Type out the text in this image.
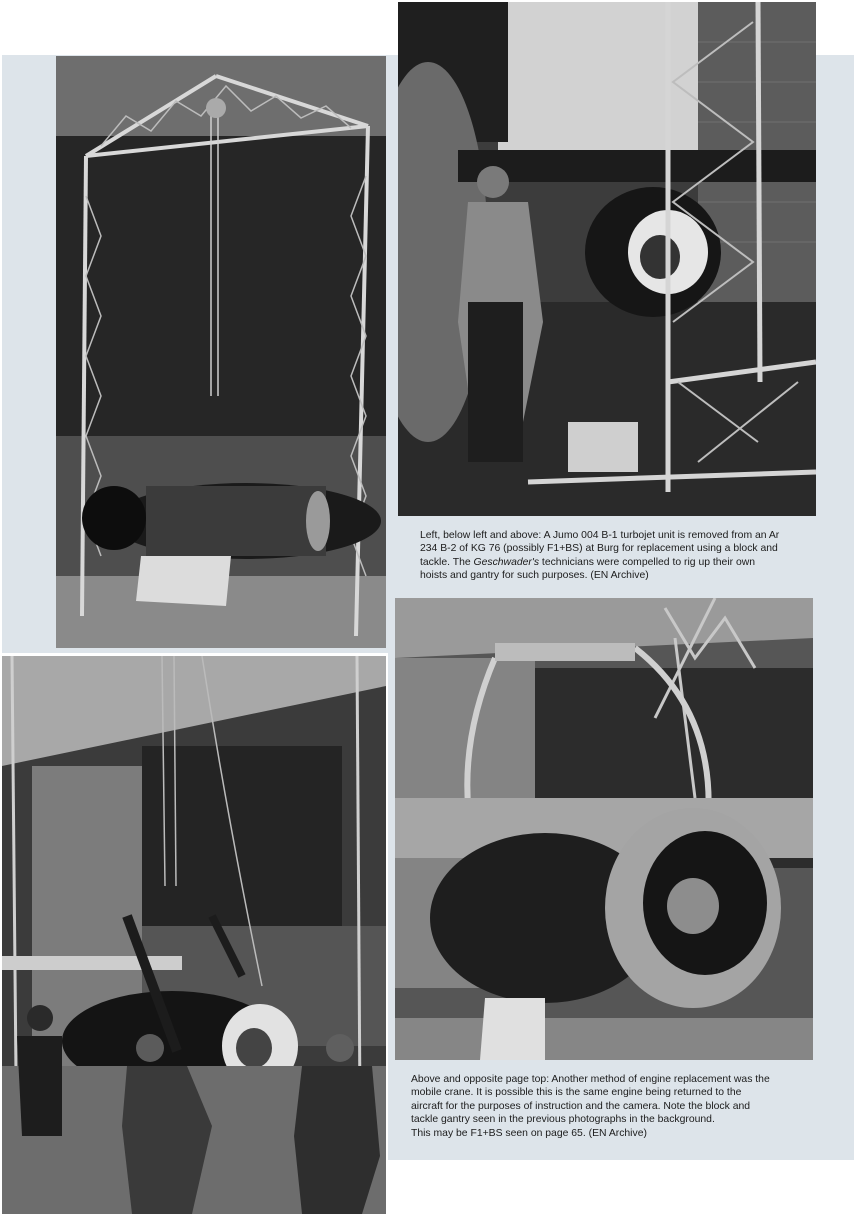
Left, below left and above: A Jumo 004 B-1 turbojet unit is removed from an Ar 234 B-2 of KG 76 (possibly F1+BS) at Burg for replacement using a block and tackle. The Geschwader's technicians were compelled to rig up their own hoists and gantry for such purposes. (EN Archive)

Above and opposite page top: Another method of engine replacement was the mobile crane. It is possible this is the same engine being returned to the aircraft for the purposes of instruction and the camera. Note the block and tackle gantry seen in the previous photographs in the background.
This may be F1+BS seen on page 65. (EN Archive)
